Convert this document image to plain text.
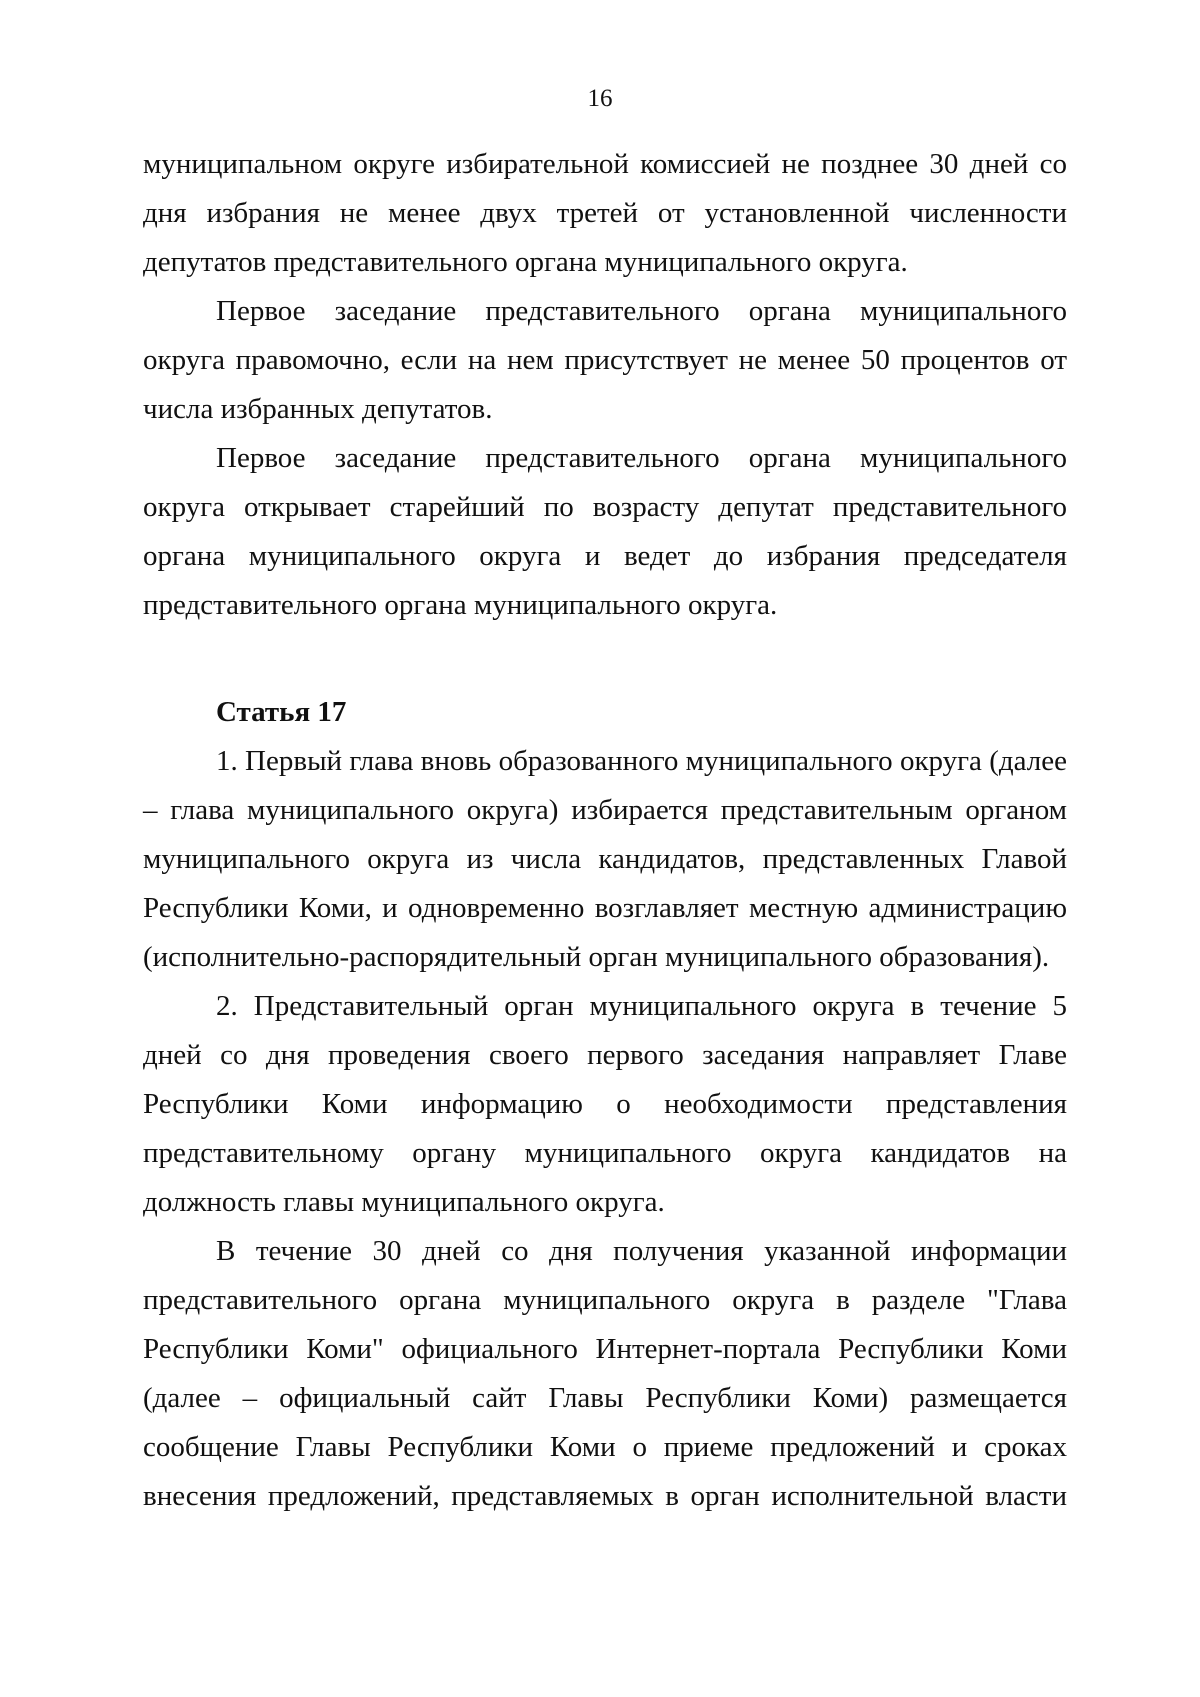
16

муниципальном округе избирательной комиссией не позднее 30 дней со дня избрания не менее двух третей от установленной численности депутатов представительного органа муниципального округа.

Первое заседание представительного органа муниципального округа правомочно, если на нем присутствует не менее 50 процентов от числа избранных депутатов.

Первое заседание представительного органа муниципального округа открывает старейший по возрасту депутат представительного органа муниципального округа и ведет до избрания председателя представительного органа муниципального округа.

Статья 17

1. Первый глава вновь образованного муниципального округа (далее – глава муниципального округа) избирается представительным органом муниципального округа из числа кандидатов, представленных Главой Республики Коми, и одновременно возглавляет местную администрацию (исполнительно-распорядительный орган муниципального образования).

2. Представительный орган муниципального округа в течение 5 дней со дня проведения своего первого заседания направляет Главе Республики Коми информацию о необходимости представления представительному органу муниципального округа кандидатов на должность главы муниципального округа.

В течение 30 дней со дня получения указанной информации представительного органа муниципального округа в разделе "Глава Республики Коми" официального Интернет-портала Республики Коми (далее – официальный сайт Главы Республики Коми) размещается сообщение Главы Республики Коми о приеме предложений и сроках внесения предложений, представляемых в орган исполнительной власти
